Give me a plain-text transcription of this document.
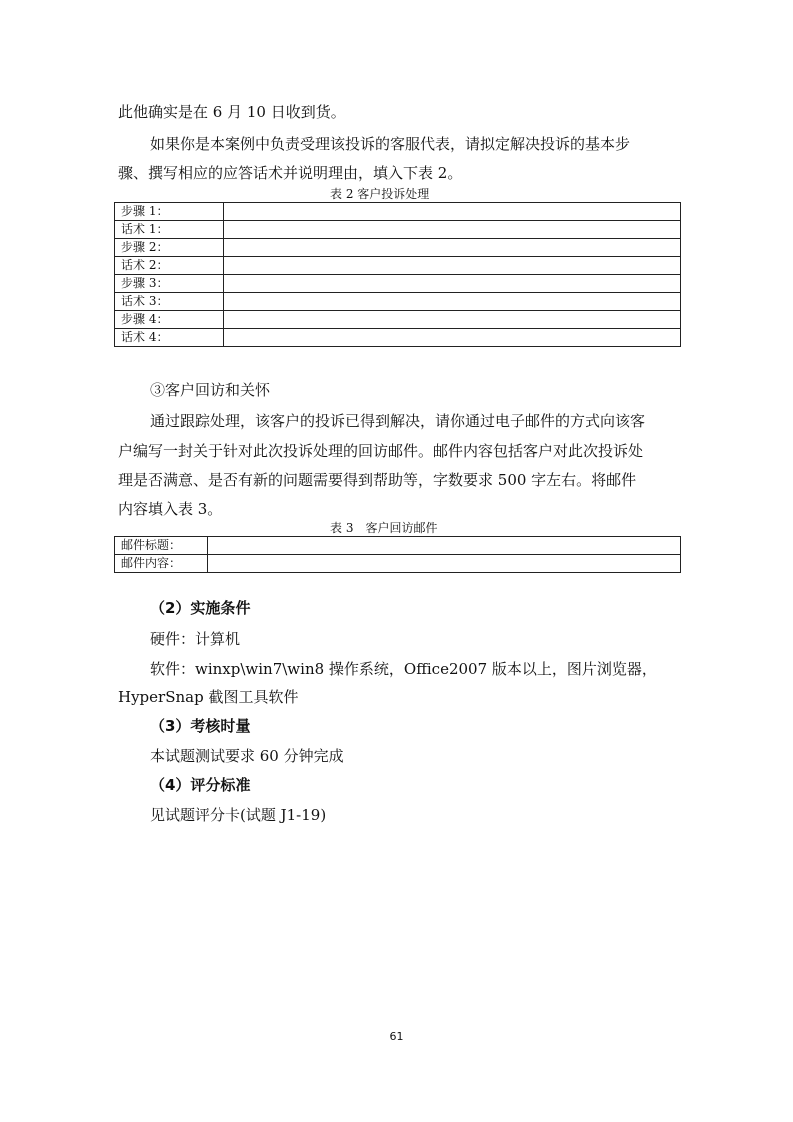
此他确实是在 6 月 10 日收到货。
如果你是本案例中负责受理该投诉的客服代表，请拟定解决投诉的基本步
骤、撰写相应的应答话术并说明理由，填入下表 2。
表 2 客户投诉处理
步骤 1：	
话术 1：	
步骤 2：	
话术 2：	
步骤 3：	
话术 3：	
步骤 4：	
话术 4：	
③客户回访和关怀
通过跟踪处理，该客户的投诉已得到解决，请你通过电子邮件的方式向该客
户编写一封关于针对此次投诉处理的回访邮件。邮件内容包括客户对此次投诉处
理是否满意、是否有新的问题需要得到帮助等，字数要求 500 字左右。将邮件
内容填入表 3。
表 3　客户回访邮件
邮件标题：	
邮件内容：	
（2）实施条件
硬件：计算机
软件：winxp\win7\win8 操作系统，Office2007 版本以上，图片浏览器，
HyperSnap 截图工具软件
（3）考核时量
本试题测试要求 60 分钟完成
（4）评分标准
见试题评分卡(试题 J1-19)
61
